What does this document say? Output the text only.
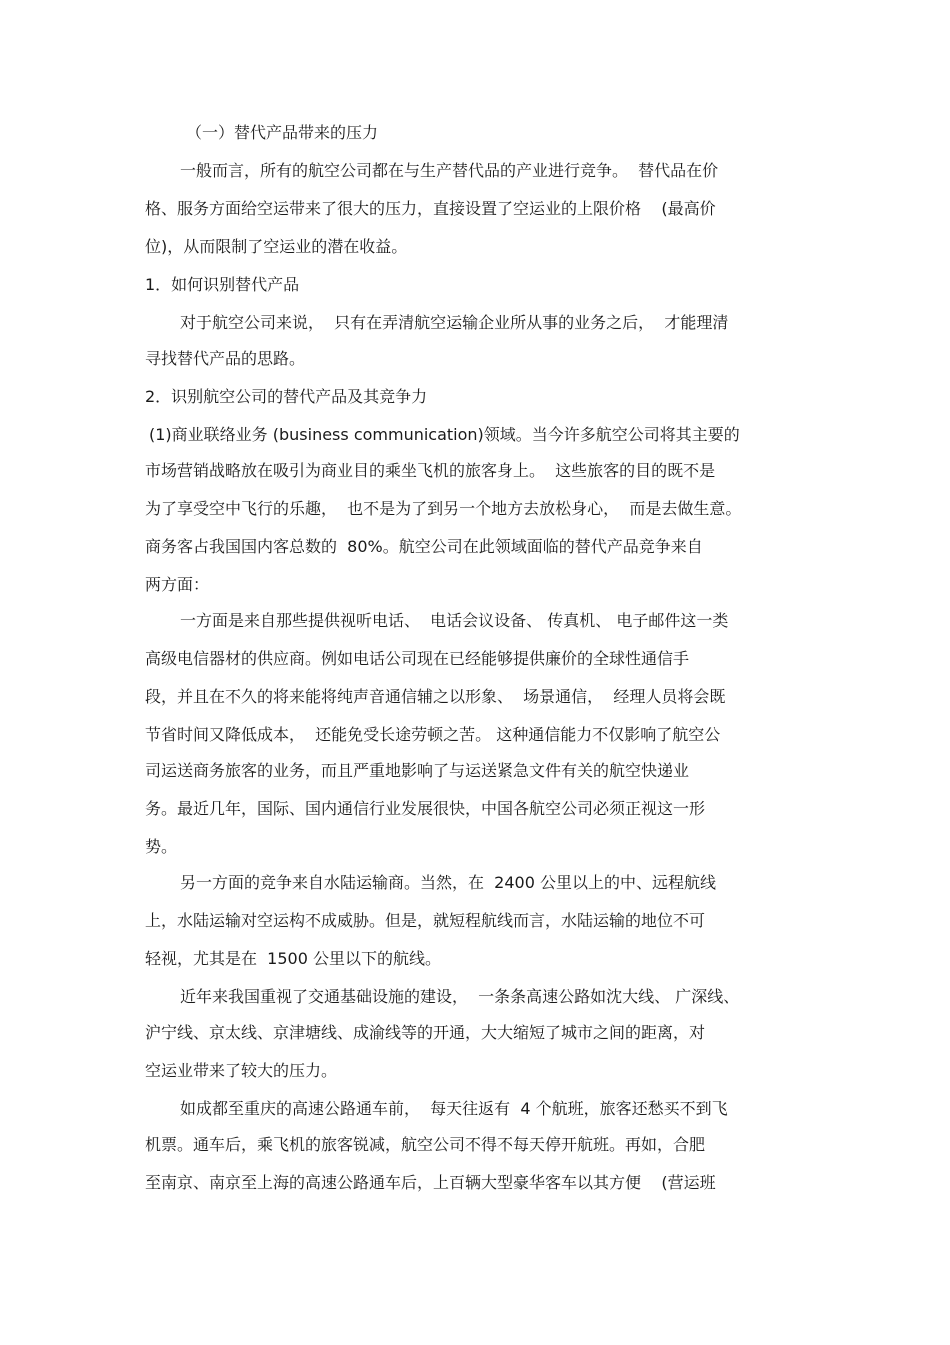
（一）替代产品带来的压力
一般而言，所有的航空公司都在与生产替代品的产业进行竞争。  替代品在价
格、服务方面给空运带来了很大的压力，直接设置了空运业的上限价格    (最高价
位)，从而限制了空运业的潜在收益。
1．如何识别替代产品
对于航空公司来说，  只有在弄清航空运输企业所从事的业务之后，  才能理清
寻找替代产品的思路。
2．识别航空公司的替代产品及其竞争力
(1)商业联络业务 (business communication)领域。当今许多航空公司将其主要的
市场营销战略放在吸引为商业目的乘坐飞机的旅客身上。  这些旅客的目的既不是
为了享受空中飞行的乐趣，  也不是为了到另一个地方去放松身心，  而是去做生意。
商务客占我国国内客总数的  80%。航空公司在此领域面临的替代产品竞争来自
两方面：
一方面是来自那些提供视听电话、  电话会议设备、 传真机、 电子邮件这一类
高级电信器材的供应商。例如电话公司现在已经能够提供廉价的全球性通信手
段，并且在不久的将来能将纯声音通信辅之以形象、  场景通信，  经理人员将会既
节省时间又降低成本，  还能免受长途劳顿之苦。 这种通信能力不仅影响了航空公
司运送商务旅客的业务，而且严重地影响了与运送紧急文件有关的航空快递业
务。最近几年，国际、国内通信行业发展很快，中国各航空公司必须正视这一形
势。
另一方面的竞争来自水陆运输商。当然，在  2400 公里以上的中、远程航线
上，水陆运输对空运构不成威胁。但是，就短程航线而言，水陆运输的地位不可
轻视，尤其是在  1500 公里以下的航线。
近年来我国重视了交通基础设施的建设，  一条条高速公路如沈大线、 广深线、
沪宁线、京太线、京津塘线、成渝线等的开通，大大缩短了城市之间的距离，对
空运业带来了较大的压力。
如成都至重庆的高速公路通车前，  每天往返有  4 个航班，旅客还愁买不到飞
机票。通车后，乘飞机的旅客锐减，航空公司不得不每天停开航班。再如，合肥
至南京、南京至上海的高速公路通车后，上百辆大型豪华客车以其方便    (营运班
